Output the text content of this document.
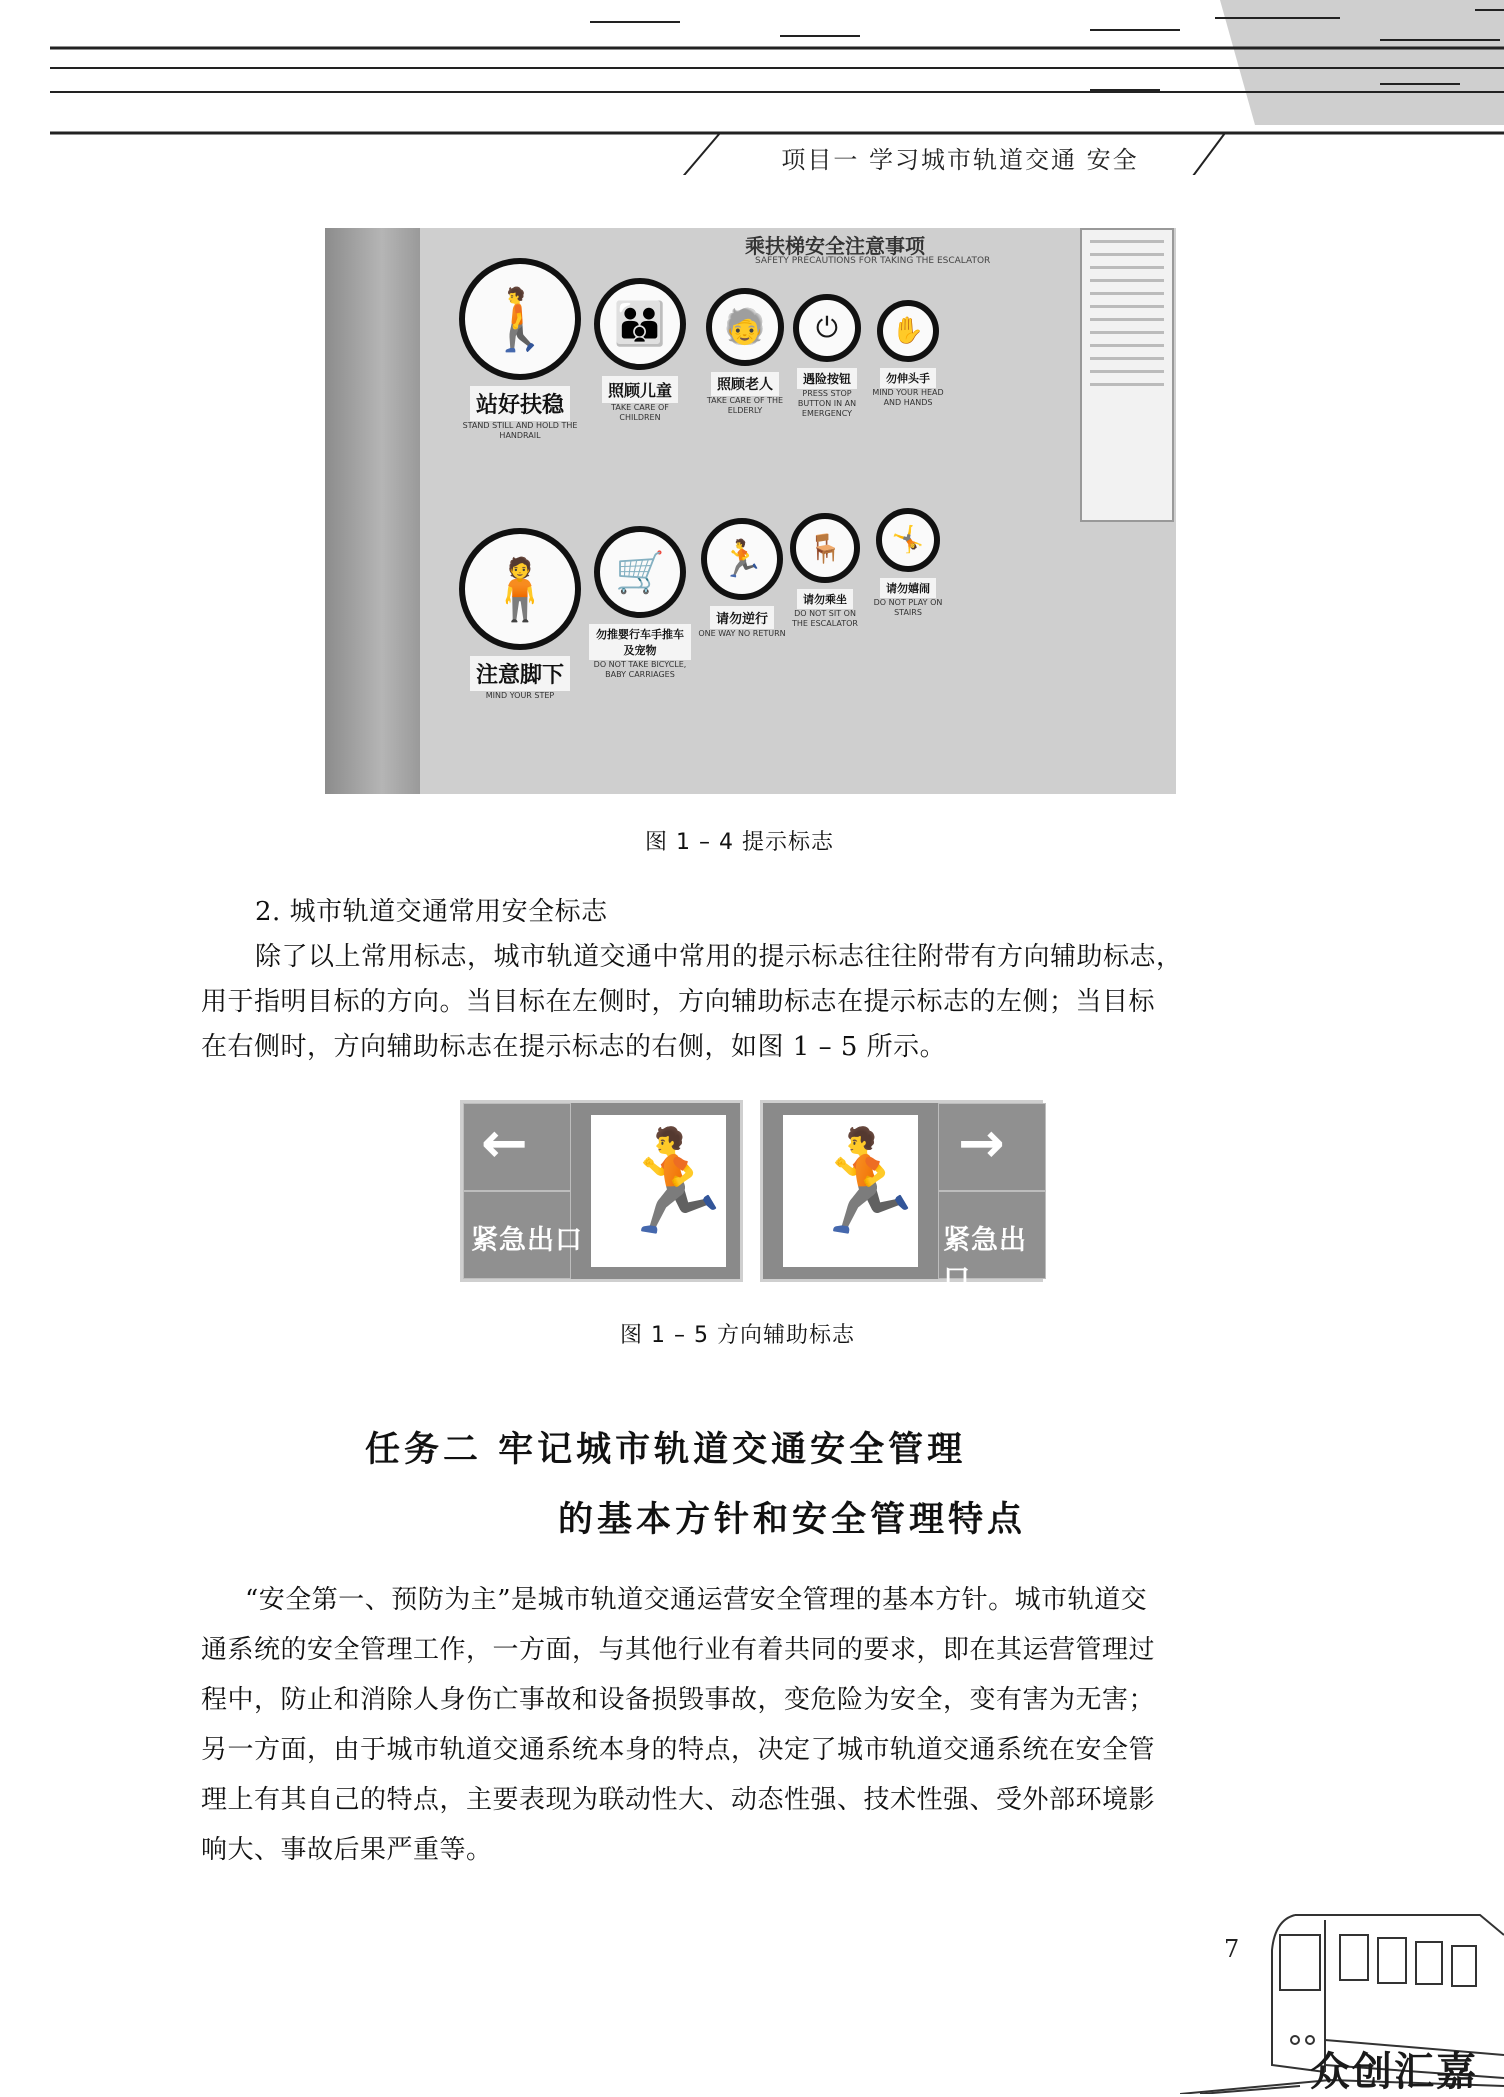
项目一 学习城市轨道交通 安全
乘扶梯安全注意事项
SAFETY PRECAUTIONS FOR TAKING THE ESCALATOR
🚶
站好扶稳
STAND STILL AND HOLD THE HANDRAIL
👪
照顾儿童
TAKE CARE OF CHILDREN
🧓
照顾老人
TAKE CARE OF THE ELDERLY
⏻
遇险按钮
PRESS STOP BUTTON IN AN EMERGENCY
✋
勿伸头手
MIND YOUR HEAD AND HANDS
🧍
注意脚下
MIND YOUR STEP
🛒
勿推婴行车手推车及宠物
DO NOT TAKE BICYCLE, BABY CARRIAGES
🏃
请勿逆行
ONE WAY NO RETURN
🪑
请勿乘坐
DO NOT SIT ON THE ESCALATOR
🤸
请勿嬉闹
DO NOT PLAY ON STAIRS
图 1 – 4 提示标志
2. 城市轨道交通常用安全标志
除了以上常用标志，城市轨道交通中常用的提示标志往往附带有方向辅助标志，
用于指明目标的方向。当目标在左侧时，方向辅助标志在提示标志的左侧；当目标
在右侧时，方向辅助标志在提示标志的右侧，如图 1 – 5 所示。
←
紧急出口
🏃 🏃 →
紧急出口
图 1 – 5 方向辅助标志
任务二 牢记城市轨道交通安全管理
的基本方针和安全管理特点
“安全第一、预防为主”是城市轨道交通运营安全管理的基本方针。城市轨道交
通系统的安全管理工作，一方面，与其他行业有着共同的要求，即在其运营管理过
程中，防止和消除人身伤亡事故和设备损毁事故，变危险为安全，变有害为无害；
另一方面，由于城市轨道交通系统本身的特点，决定了城市轨道交通系统在安全管
理上有其自己的特点，主要表现为联动性大、动态性强、技术性强、受外部环境影
响大、事故后果严重等。
7
众创汇嘉
